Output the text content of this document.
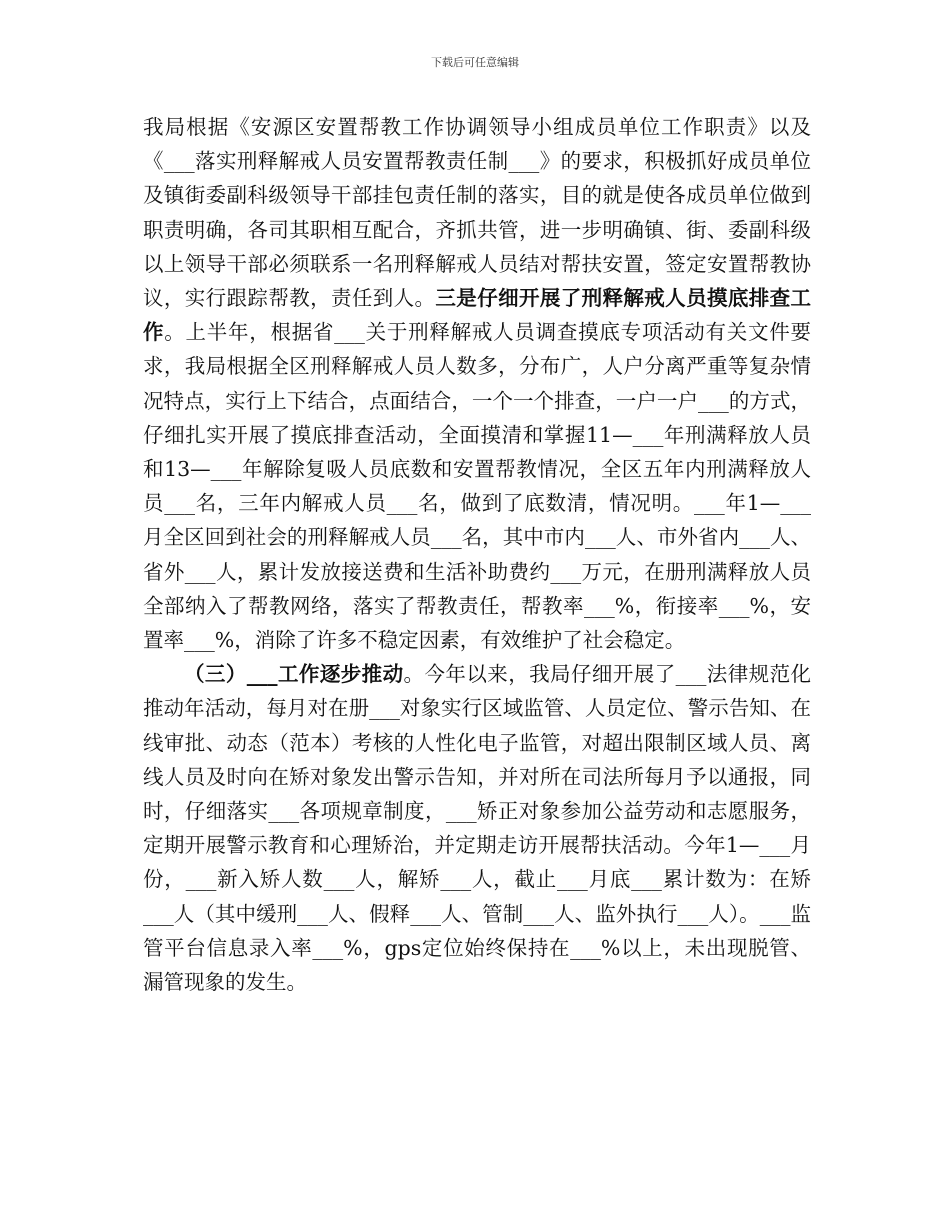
下载后可任意编辑

我局根据《安源区安置帮教工作协调领导小组成员单位工作职责》以及《___落实刑释解戒人员安置帮教责任制___》的要求，积极抓好成员单位及镇街委副科级领导干部挂包责任制的落实，目的就是使各成员单位做到职责明确，各司其职相互配合，齐抓共管，进一步明确镇、街、委副科级以上领导干部必须联系一名刑释解戒人员结对帮扶安置，签定安置帮教协议，实行跟踪帮教，责任到人。三是仔细开展了刑释解戒人员摸底排查工作。上半年，根据省___关于刑释解戒人员调查摸底专项活动有关文件要求，我局根据全区刑释解戒人员人数多，分布广，人户分离严重等复杂情况特点，实行上下结合，点面结合，一个一个排查，一户一户___的方式，仔细扎实开展了摸底排查活动，全面摸清和掌握11—___年刑满释放人员和13—___年解除复吸人员底数和安置帮教情况，全区五年内刑满释放人员___名，三年内解戒人员___名，做到了底数清，情况明。___年1—___月全区回到社会的刑释解戒人员___名，其中市内___人、市外省内___人、省外___人，累计发放接送费和生活补助费约___万元，在册刑满释放人员全部纳入了帮教网络，落实了帮教责任，帮教率___%，衔接率___%，安置率___%，消除了许多不稳定因素，有效维护了社会稳定。

（三）___工作逐步推动。今年以来，我局仔细开展了___法律规范化推动年活动，每月对在册___对象实行区域监管、人员定位、警示告知、在线审批、动态（范本）考核的人性化电子监管，对超出限制区域人员、离线人员及时向在矫对象发出警示告知，并对所在司法所每月予以通报，同时，仔细落实___各项规章制度，___矫正对象参加公益劳动和志愿服务，定期开展警示教育和心理矫治，并定期走访开展帮扶活动。今年1—___月份，___新入矫人数___人，解矫___人，截止___月底___累计数为：在矫___人（其中缓刑___人、假释___人、管制___人、监外执行___人）。___监管平台信息录入率___%，gps定位始终保持在___%以上，未出现脱管、漏管现象的发生。
